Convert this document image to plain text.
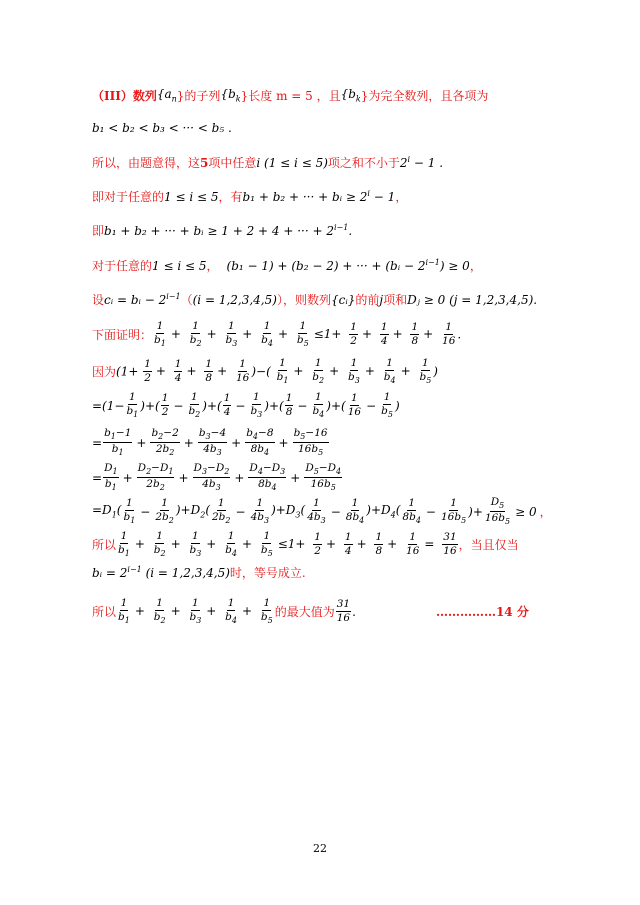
（III）数列 {$a_n$ }的子列 {$b_k$ }长度 m = 5 ，且 {$b_k$ }为完全数列，且各项为
b₁ < b₂ < b₃ < ··· < b₅ .
所以，由题意得，这 5 项中任意 i (1 ≤ i ≤ 5) 项之和不小于 $2^i - 1$ .
即对于任意的 1 ≤ i ≤ 5 ，有 b₁ + b₂ + ··· + bᵢ ≥ $2^i - 1$ ，
即 b₁ + b₂ + ··· + bᵢ ≥ 1 + 2 + 4 + ··· + $2^{i-1}$.
对于任意的 1 ≤ i ≤ 5 ， (b₁ − 1) + (b₂ − 2) + ··· + (bᵢ − $2^{i-1}) \ge 0$ ，
设 cᵢ = bᵢ − $2^{i-1}$ （ (i = 1,2,3,4,5) ），则数列 {cᵢ} 的前 j 项和 Dⱼ ≥ 0 (j = 1,2,3,4,5) .
下面证明： $\frac{1}{b_1} + \frac{1}{b_2} + \frac{1}{b_3} + \frac{1}{b_4} + \frac{1}{b_5} \le 1+ \frac{1}{2} + \frac{1}{4} + \frac{1}{8} + \frac{1}{16}$ .
因为 ($1+ \frac{1}{2} + \frac{1}{4} + \frac{1}{8} + \frac{1}{16}$ )−( $\frac{1}{b_1} + \frac{1}{b_2} + \frac{1}{b_3} + \frac{1}{b_4} + \frac{1}{b_5}$ )
$=(1- \frac{1}{b_1}$ )+( $\frac{1}{2} - \frac{1}{b_2}$ )+( $\frac{1}{4} - \frac{1}{b_3}$ )+( $\frac{1}{8} - \frac{1}{b_4}$ )+( $\frac{1}{16} - \frac{1}{b_5}$ )
= $\frac{b_1-1}{b_1} + \frac{b_2-2}{2b_2} + \frac{b_3-4}{4b_3} + \frac{b_4-8}{8b_4} + \frac{b_5-16}{16b_5}$
= $\frac{D_1}{b_1} + \frac{D_2-D_1}{2b_2} + \frac{D_3-D_2}{4b_3} + \frac{D_4-D_3}{8b_4} + \frac{D_5-D_4}{16b_5}$
$=D_1( \frac{1}{b_1} - \frac{1}{2b_2} )+D_2( \frac{1}{2b_2} - \frac{1}{4b_3} )+D_3( \frac{1}{4b_3} - \frac{1}{8b_4} )+D_4( \frac{1}{8b_4} - \frac{1}{16b_5}$ )+ $\frac{D_5}{16b_5} \ge 0$ ，
所以 $\frac{1}{b_1} + \frac{1}{b_2} + \frac{1}{b_3} + \frac{1}{b_4} + \frac{1}{b_5} \le 1+ \frac{1}{2} + \frac{1}{4} + \frac{1}{8} + \frac{1}{16} = \frac{31}{16}$ ，当且仅当
bᵢ = $2^{i-1}$ (i = 1,2,3,4,5) 时，等号成立.
所以 $\frac{1}{b_1} + \frac{1}{b_2} + \frac{1}{b_3} + \frac{1}{b_4} + \frac{1}{b_5}$ 的最大值为 $\frac{31}{16}$ .	……………14 分
22
